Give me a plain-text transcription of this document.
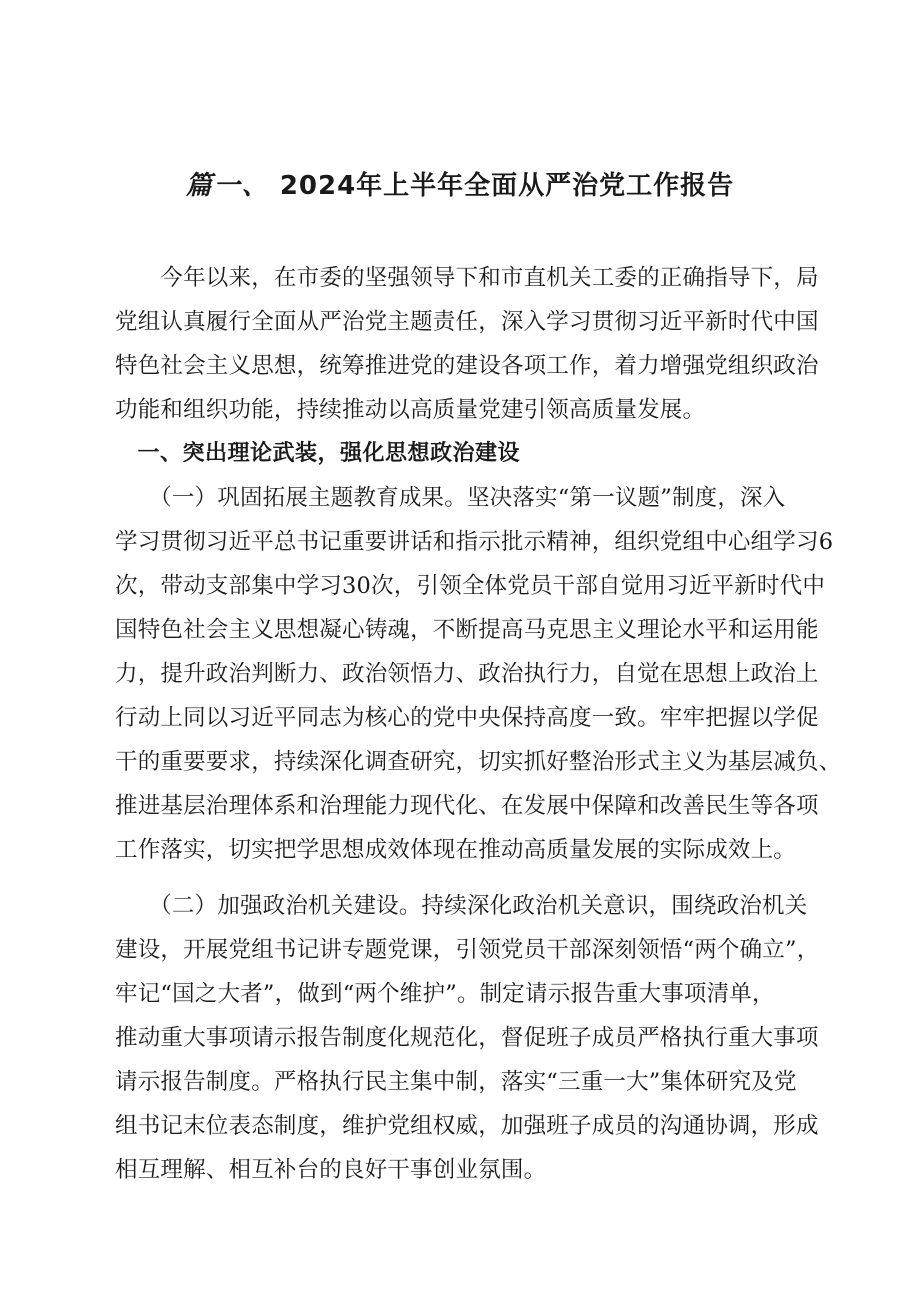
篇一、 2024年上半年全面从严治党工作报告
　　今年以来，在市委的坚强领导下和市直机关工委的正确指导下，局
党组认真履行全面从严治党主题责任，深入学习贯彻习近平新时代中国
特色社会主义思想，统筹推进党的建设各项工作，着力增强党组织政治
功能和组织功能，持续推动以高质量党建引领高质量发展。
　一、突出理论武装，强化思想政治建设
　　（一）巩固拓展主题教育成果。坚决落实“第一议题”制度，深入
学习贯彻习近平总书记重要讲话和指示批示精神，组织党组中心组学习6
次，带动支部集中学习30次，引领全体党员干部自觉用习近平新时代中
国特色社会主义思想凝心铸魂，不断提高马克思主义理论水平和运用能
力，提升政治判断力、政治领悟力、政治执行力，自觉在思想上政治上
行动上同以习近平同志为核心的党中央保持高度一致。牢牢把握以学促
干的重要要求，持续深化调查研究，切实抓好整治形式主义为基层减负、
推进基层治理体系和治理能力现代化、在发展中保障和改善民生等各项
工作落实，切实把学思想成效体现在推动高质量发展的实际成效上。
　　（二）加强政治机关建设。持续深化政治机关意识，围绕政治机关
建设，开展党组书记讲专题党课，引领党员干部深刻领悟“两个确立”，
牢记“国之大者”，做到“两个维护”。制定请示报告重大事项清单，
推动重大事项请示报告制度化规范化，督促班子成员严格执行重大事项
请示报告制度。严格执行民主集中制，落实“三重一大”集体研究及党
组书记末位表态制度，维护党组权威，加强班子成员的沟通协调，形成
相互理解、相互补台的良好干事创业氛围。
